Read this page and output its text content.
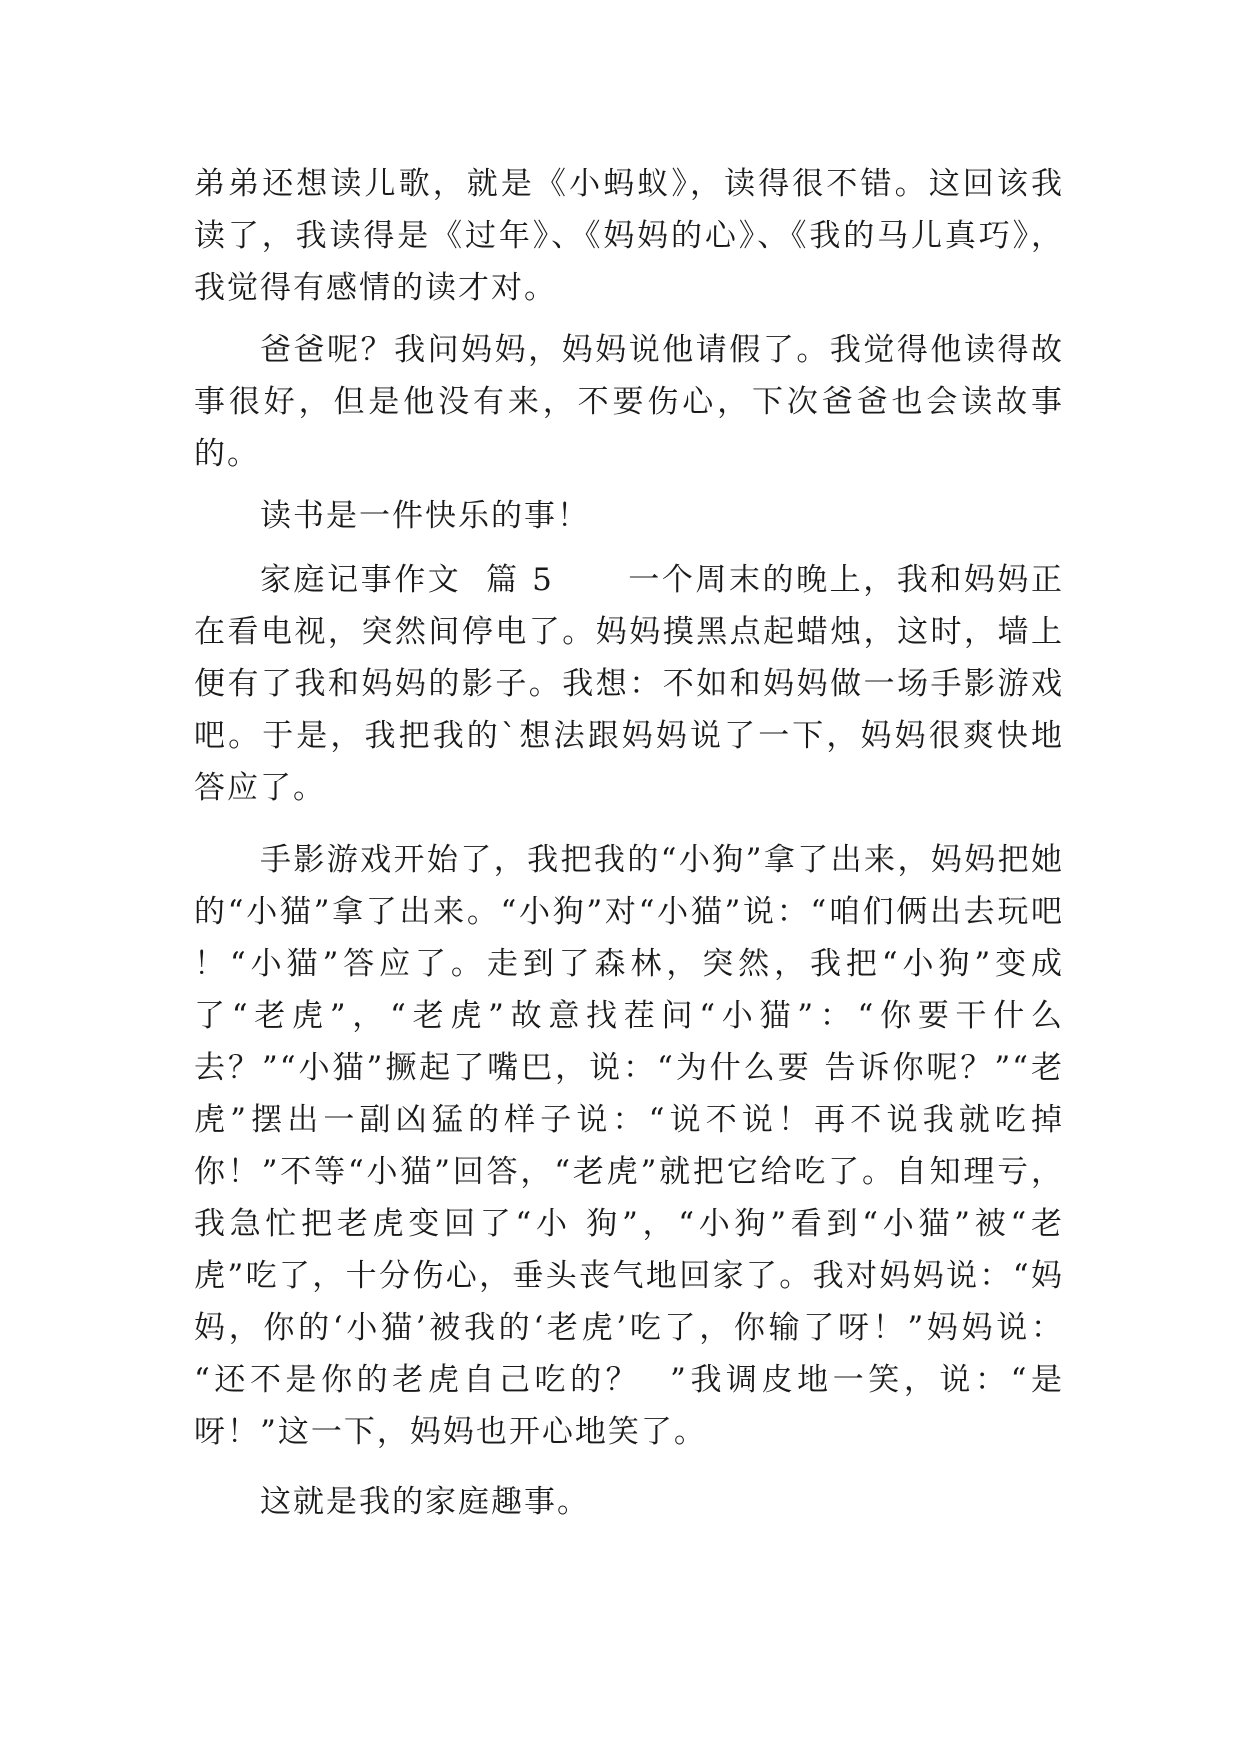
弟弟还想读儿歌，就是《小蚂蚁》，读得很不错。这回该我读了，我读得是《过年》、《妈妈的心》、《我的马儿真巧》，我觉得有感情的读才对。

爸爸呢？我问妈妈，妈妈说他请假了。我觉得他读得故事很好，但是他没有来，不要伤心，下次爸爸也会读故事的。

读书是一件快乐的事！

家庭记事作文  篇 5      一个周末的晚上，我和妈妈正在看电视，突然间停电了。妈妈摸黑点起蜡烛，这时，墙上便有了我和妈妈的影子。我想：不如和妈妈做一场手影游戏吧。于是，我把我的`想法跟妈妈说了一下，妈妈很爽快地答应了。

手影游戏开始了，我把我的“小狗”拿了出来，妈妈把她的“小猫”拿了出来。“小狗”对“小猫”说：“咱们俩出去玩吧 ！“小猫”答应了。走到了森林，突然，我把“小狗”变成了“老虎”，“老虎”故意找茬问“小猫”：“你要干什么去？”“小猫”撅起了嘴巴，说：“为什么要 告诉你呢？”“老虎”摆出一副凶猛的样子说：“说不说！再不说我就吃掉你！”不等“小猫”回答，“老虎”就把它给吃了。自知理亏，我急忙把老虎变回了“小 狗”，“小狗”看到“小猫”被“老虎”吃了，十分伤心，垂头丧气地回家了。我对妈妈说：“妈妈，你的‘小猫’被我的‘老虎’吃了，你输了呀！”妈妈说：  “还不是你的老虎自己吃的？  ”我调皮地一笑，说：“是呀！”这一下，妈妈也开心地笑了。

这就是我的家庭趣事。
